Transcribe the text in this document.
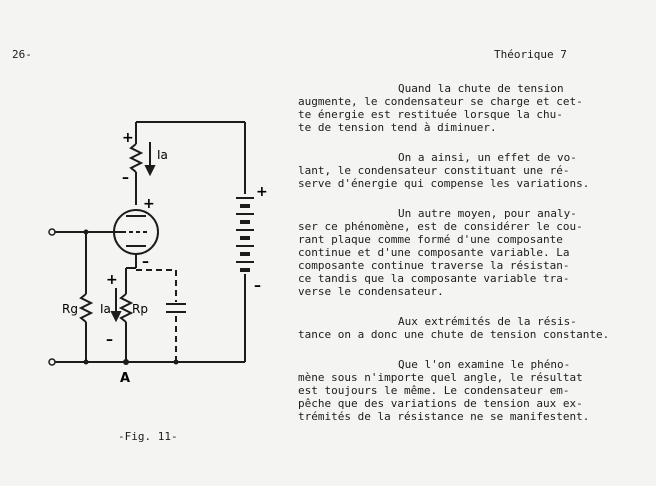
26-	Théorique 7
+
Ia
–
+
+
–
–
+
Rg Ia Rp
–
A
-Fig. 11-
Quand la chute de tension
augmente, le condensateur se charge et cet-
te énergie est restituée lorsque la chu-
te de tension tend à diminuer.
On a ainsi, un effet de vo-
lant, le condensateur constituant une ré-
serve d'énergie qui compense les variations.
Un autre moyen, pour analy-
ser ce phénomène, est de considérer le cou-
rant plaque comme formé d'une composante
continue et d'une composante variable. La
composante continue traverse la résistan-
ce tandis que la composante variable tra-
verse le condensateur.
Aux extrémités de la résis-
tance on a donc une chute de tension constante.
Que l'on examine le phéno-
mène sous n'importe quel angle, le résultat
est toujours le même. Le condensateur em-
pêche que des variations de tension aux ex-
trémités de la résistance ne se manifestent.
